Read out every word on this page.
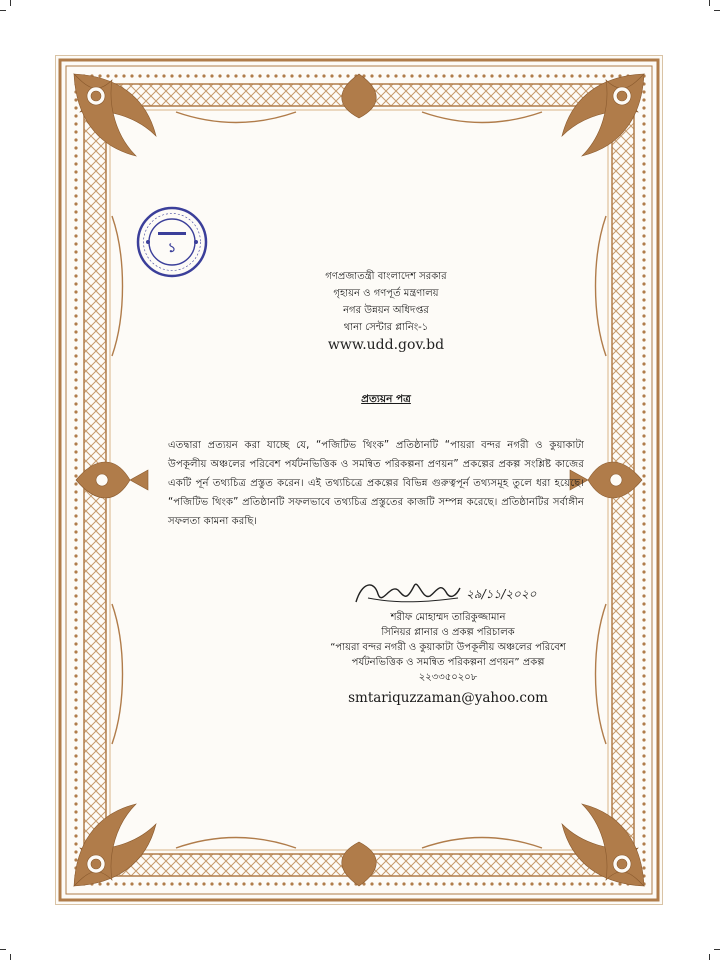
১
গণপ্রজাতন্ত্রী বাংলাদেশ সরকার
গৃহায়ন ও গণপূর্ত মন্ত্রণালয়
নগর উন্নয়ন অধিদপ্তর
থানা সেন্টার প্লানিং-১
www.udd.gov.bd
প্রত্যয়ন পত্র
এতদ্বারা প্রত্যয়ন করা যাচ্ছে যে, “পজিটিভ থিংক” প্রতিষ্ঠানটি “পায়রা বন্দর নগরী ও কুয়াকাটা উপকূলীয় অঞ্চলের পরিবেশ পর্যটনভিত্তিক ও সমন্বিত পরিকল্পনা প্রণয়ন” প্রকল্পের প্রকল্প সংশ্লিষ্ট কাজের একটি পূর্ন তথ্যচিত্র প্রস্তুত করেন। এই তথ্যচিত্রে প্রকল্পের বিভিন্ন গুরুত্বপূর্ন তথ্যসমূহ তুলে ধরা হয়েছে। “পজিটিভ থিংক” প্রতিষ্ঠানটি সফলভাবে তথ্যচিত্র প্রস্তুতের কাজটি সম্পন্ন করেছে। প্রতিষ্ঠানটির সর্বাঙ্গীন সফলতা কামনা করছি।
২৯/১১/২০২০
শরীফ মোহাম্মদ তারিকুজ্জামান
সিনিয়র প্লানার ও প্রকল্প পরিচালক
“পায়রা বন্দর নগরী ও কুয়াকাটা উপকূলীয় অঞ্চলের পরিবেশ
পর্যটনভিত্তিক ও সমন্বিত পরিকল্পনা প্রণয়ন” প্রকল্প
২২৩৩৫০২০৮
smtariquzzaman@yahoo.com
